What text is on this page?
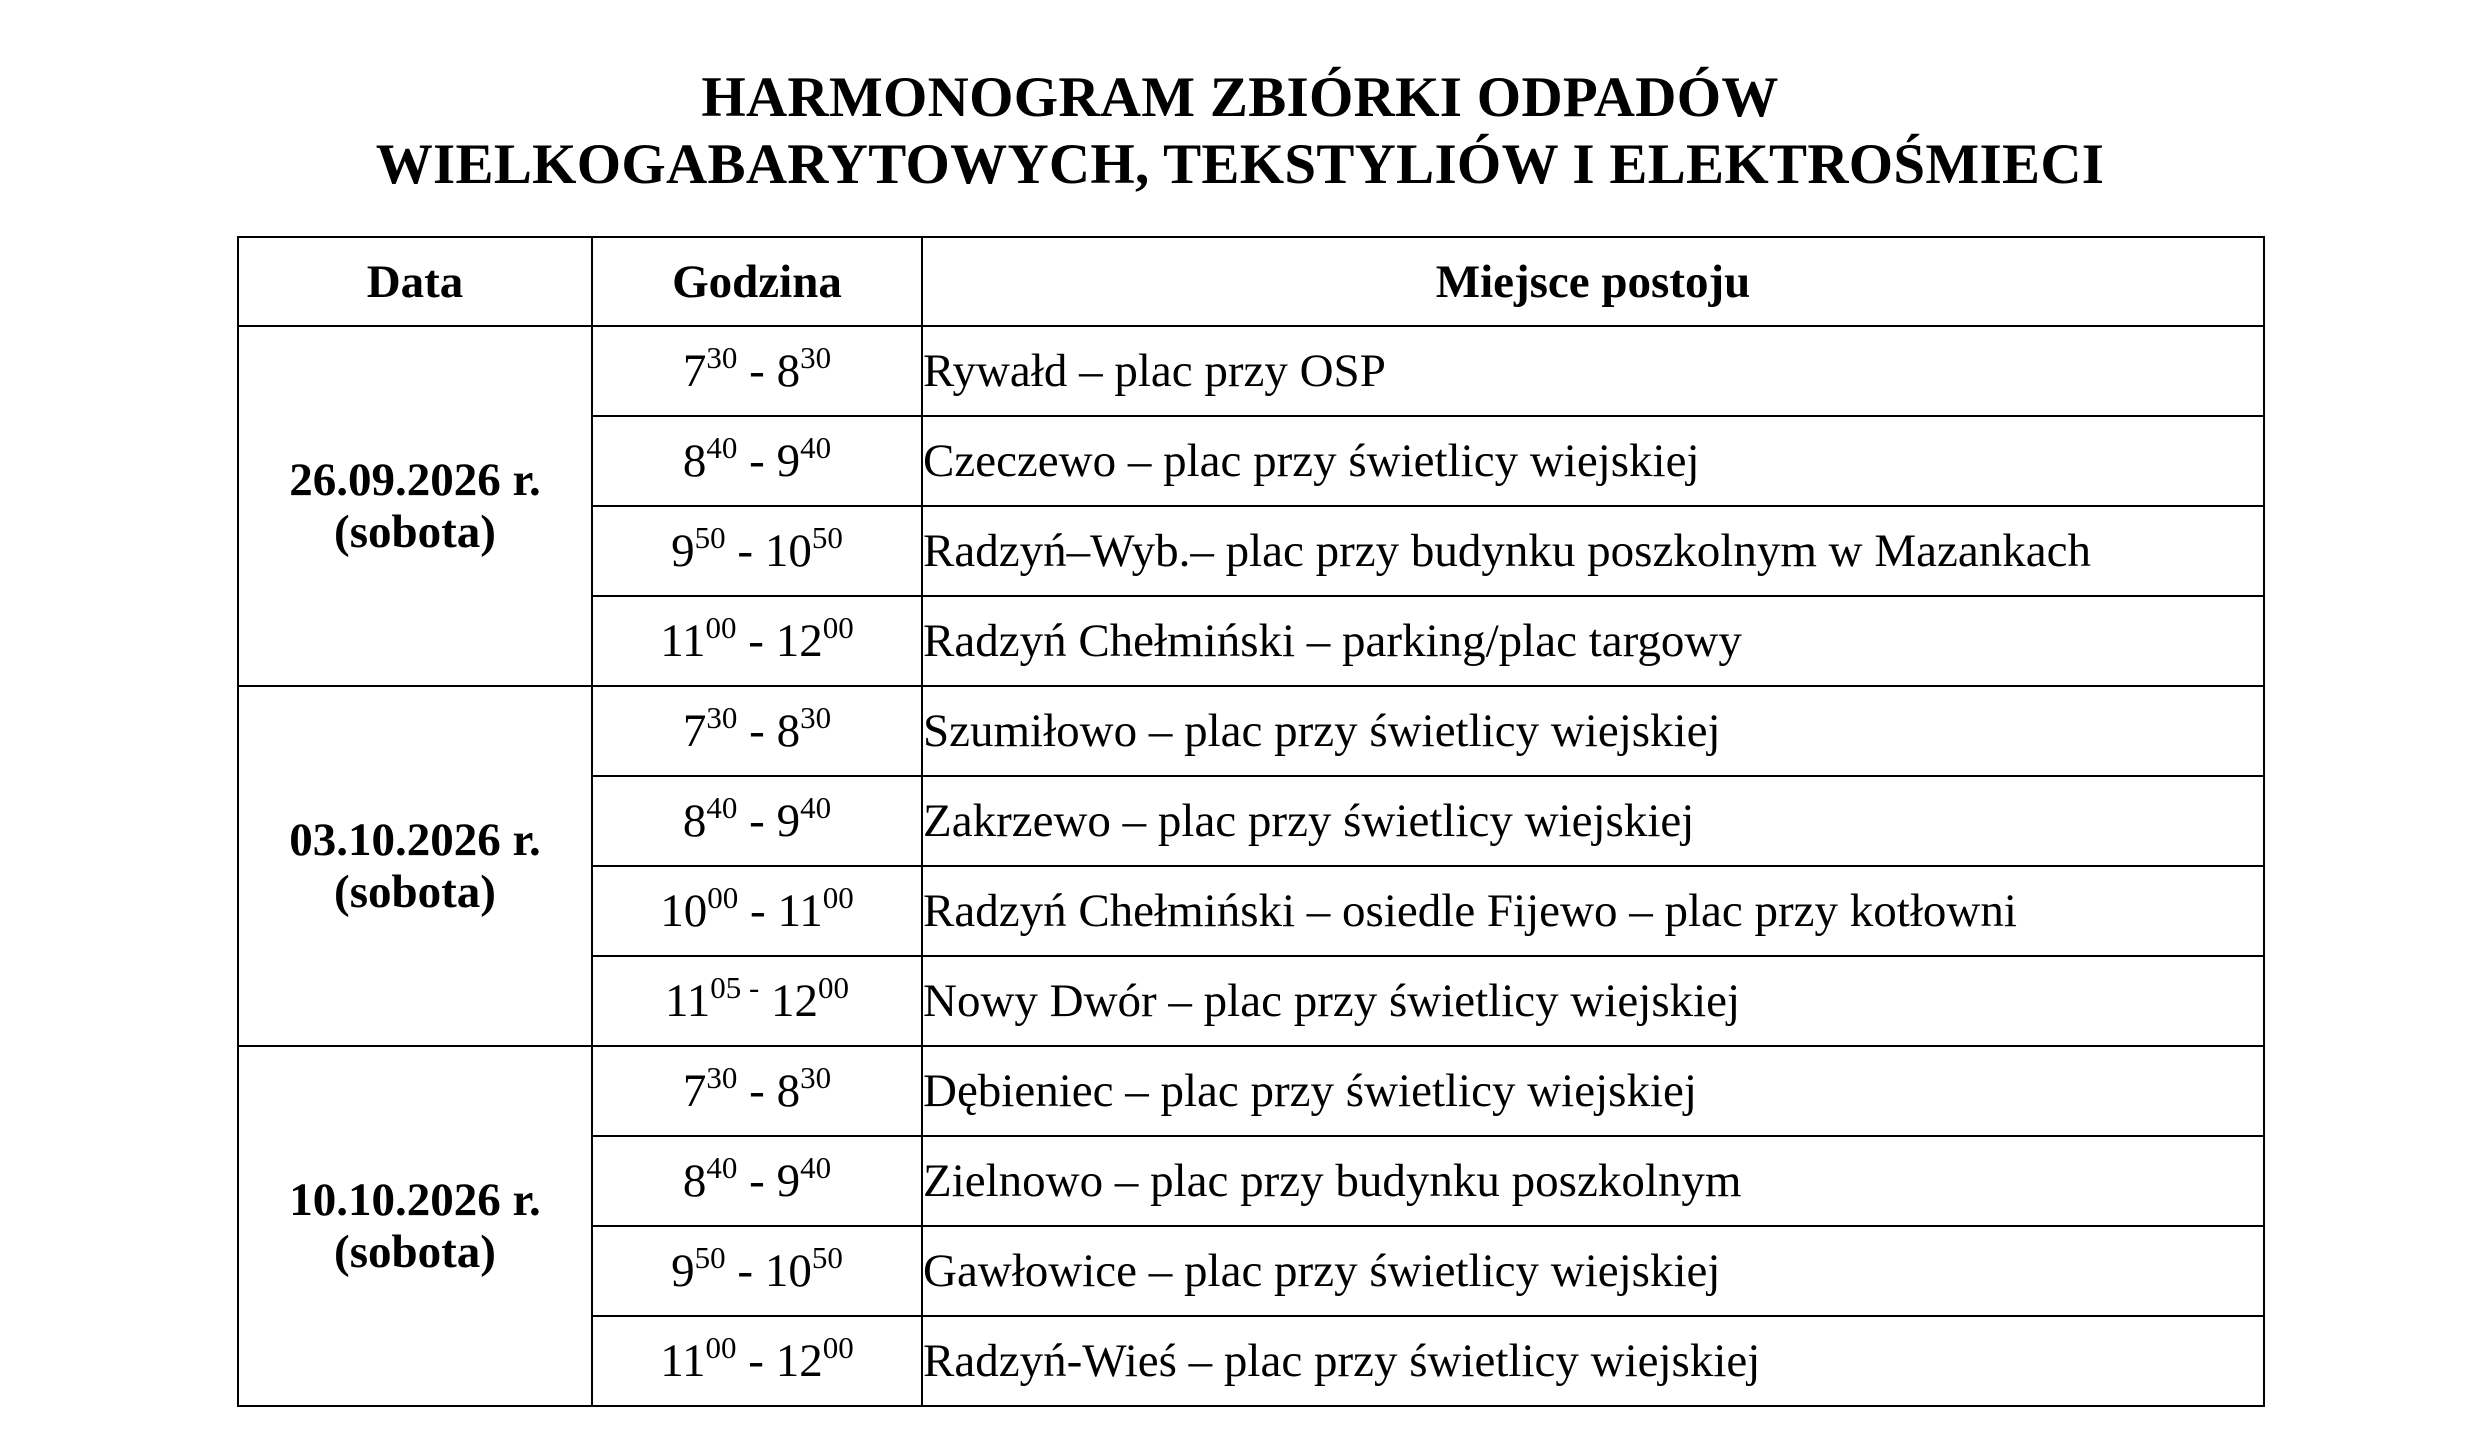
HARMONOGRAM ZBIÓRKI ODPADÓW
WIELKOGABARYTOWYCH, TEKSTYLIÓW I ELEKTROŚMIECI
Data	Godzina	Miejsce postoju

26.09.2026 r.
(sobota)	$7^{30} - 8^{30}$	Rywałd – plac przy OSP
	$8^{40} - 9^{40}$	Czeczewo – plac przy świetlicy wiejskiej
	$9^{50} - 10^{50}$	Radzyń–Wyb.– plac przy budynku poszkolnym w Mazankach
	$11^{00} - 12^{00}$	Radzyń Chełmiński – parking/plac targowy

03.10.2026 r.
(sobota)	$7^{30} - 8^{30}$	Szumiłowo – plac przy świetlicy wiejskiej
	$8^{40} - 9^{40}$	Zakrzewo – plac przy świetlicy wiejskiej
	$10^{00} - 11^{00}$	Radzyń Chełmiński – osiedle Fijewo – plac przy kotłowni
	$11^{05 -}$ $12^{00}$	Nowy Dwór – plac przy świetlicy wiejskiej

10.10.2026 r.
(sobota)	$7^{30} - 8^{30}$	Dębieniec – plac przy świetlicy wiejskiej
	$8^{40} - 9^{40}$	Zielnowo – plac przy budynku poszkolnym
	$9^{50} - 10^{50}$	Gawłowice – plac przy świetlicy wiejskiej
	$11^{00} - 12^{00}$	Radzyń-Wieś – plac przy świetlicy wiejskiej
